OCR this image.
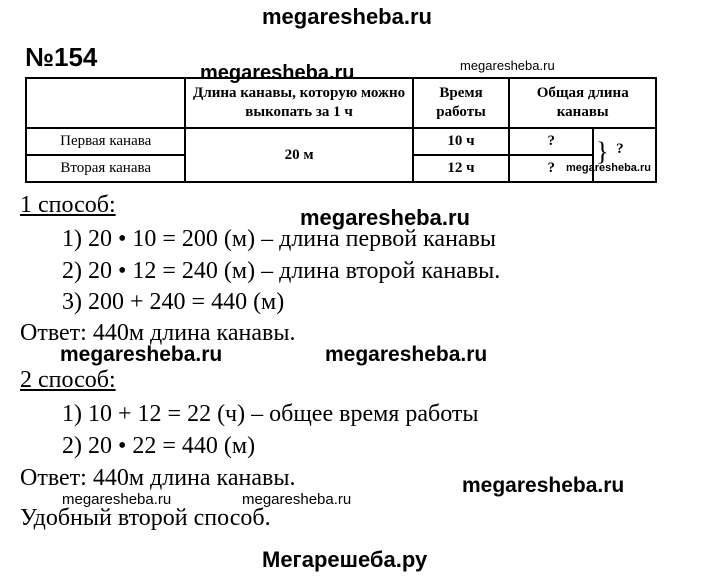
megaresheba.ru
№154
megaresheba.ru	megaresheba.ru
	Длина канавы, которую можно выкопать за 1 ч	Время работы	Общая длина канавы	
Первая канава	20 м	10 ч	?	} ?

Вторая канава		12 ч	?	megaresheba.ru
1 способ:	megaresheba.ru
1) 20 • 10 = 200 (м) – длина первой канавы
2) 20 • 12 = 240 (м) – длина второй канавы.
3) 200 + 240 = 440 (м)
Ответ: 440м длина канавы.
megaresheba.ru	megaresheba.ru
2 способ:
1) 10 + 12 = 22 (ч) – общее время работы
2) 20 • 22 = 440 (м)
Ответ: 440м длина канавы.	megaresheba.ru
megaresheba.ru	megaresheba.ru
Удобный второй способ.
Мегарешеба.ру
